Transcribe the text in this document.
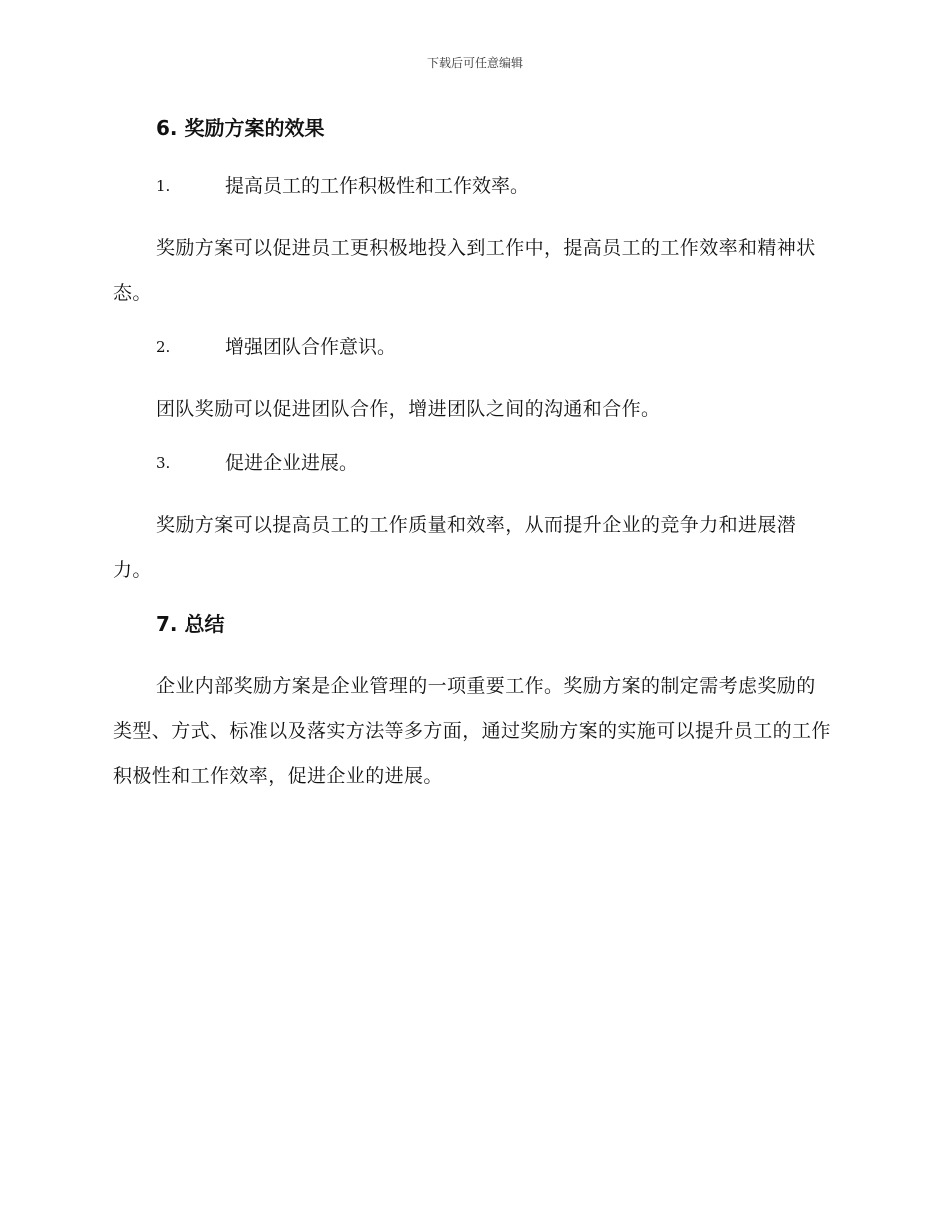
下载后可任意编辑
6. 奖励方案的效果
1.	提高员工的工作积极性和工作效率。

奖励方案可以促进员工更积极地投入到工作中，提高员工的工作效率和精神状态。

2.	增强团队合作意识。

团队奖励可以促进团队合作，增进团队之间的沟通和合作。

3.	促进企业进展。

奖励方案可以提高员工的工作质量和效率，从而提升企业的竞争力和进展潜力。

7. 总结

企业内部奖励方案是企业管理的一项重要工作。奖励方案的制定需考虑奖励的类型、方式、标准以及落实方法等多方面，通过奖励方案的实施可以提升员工的工作积极性和工作效率，促进企业的进展。
